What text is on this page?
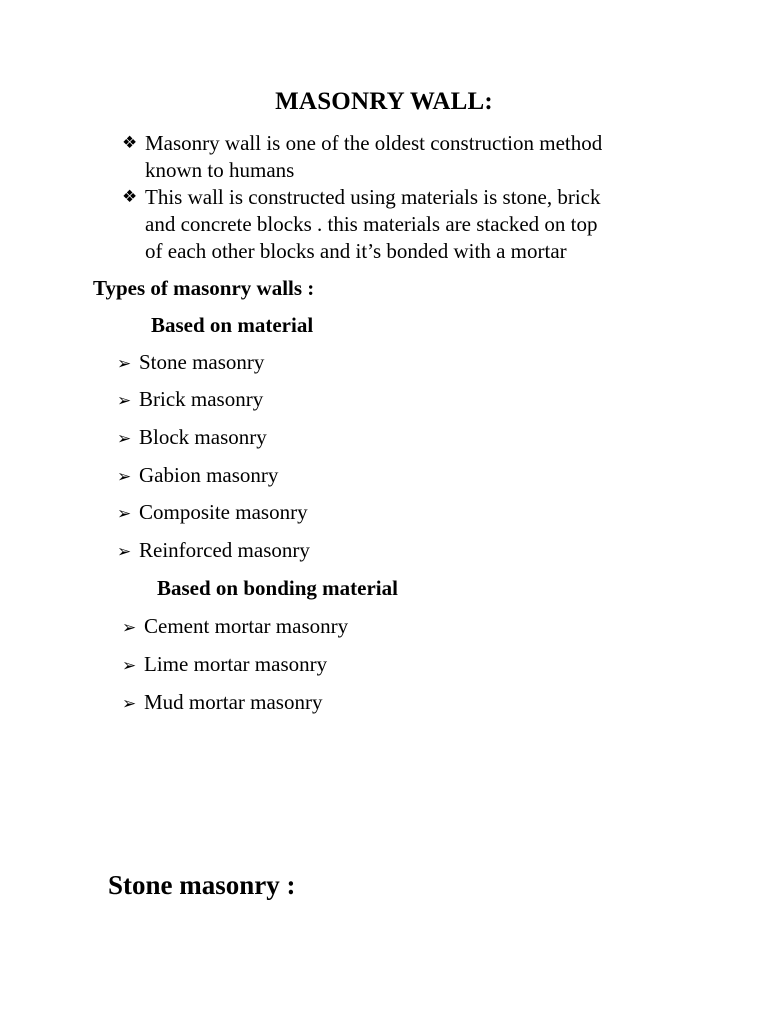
MASONRY WALL:
❖ Masonry wall is one of the oldest construction method
known to humans
❖ This wall is constructed using materials is stone, brick
and concrete blocks . this materials are stacked on top
of each other blocks and it’s bonded with a mortar
Types of masonry walls :
Based on material
➢ Stone masonry
➢ Brick masonry
➢ Block masonry
➢ Gabion masonry
➢ Composite masonry
➢ Reinforced masonry
Based on bonding material
➢ Cement mortar masonry
➢ Lime mortar masonry
➢ Mud mortar masonry
Stone masonry :
